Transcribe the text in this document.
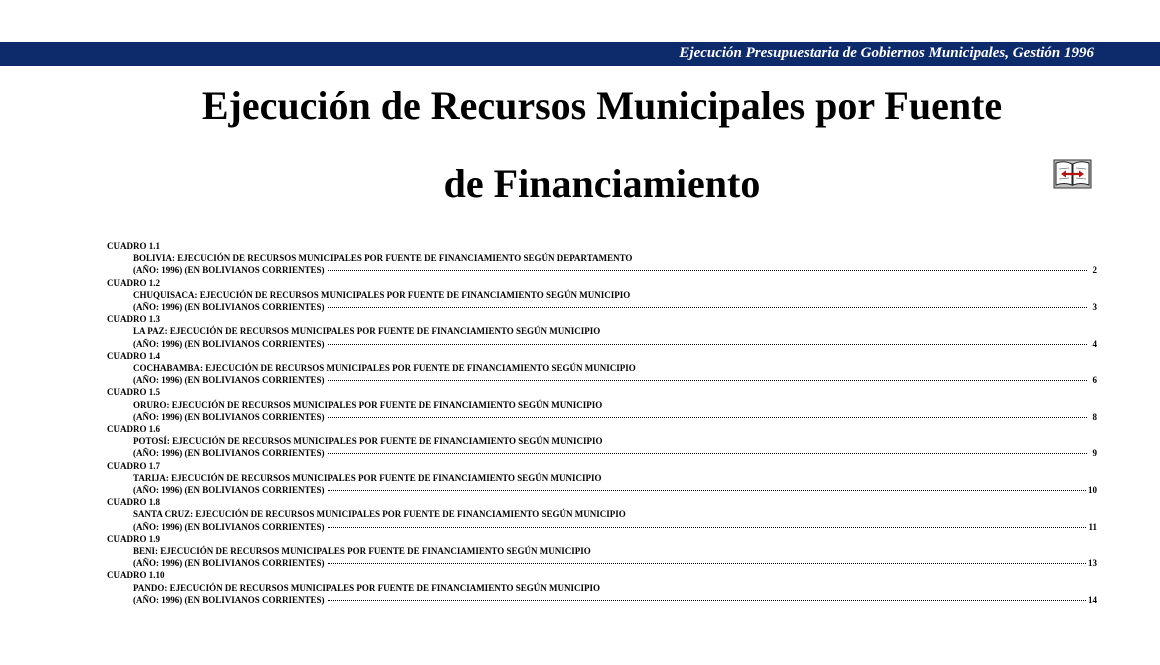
Ejecución Presupuestaria de Gobiernos Municipales, Gestión 1996
Ejecución de Recursos Municipales por Fuente
de Financiamiento
CUADRO 1.1
BOLIVIA: EJECUCIÓN DE RECURSOS MUNICIPALES POR FUENTE DE FINANCIAMIENTO SEGÚN DEPARTAMENTO
(AÑO: 1996) (EN BOLIVIANOS CORRIENTES)	2
CUADRO 1.2
CHUQUISACA: EJECUCIÓN DE RECURSOS MUNICIPALES POR FUENTE DE FINANCIAMIENTO SEGÚN MUNICIPIO
(AÑO: 1996) (EN BOLIVIANOS CORRIENTES)	3
CUADRO 1.3
LA PAZ: EJECUCIÓN DE RECURSOS MUNICIPALES POR FUENTE DE FINANCIAMIENTO SEGÚN MUNICIPIO
(AÑO: 1996) (EN BOLIVIANOS CORRIENTES)	4
CUADRO 1.4
COCHABAMBA: EJECUCIÓN DE RECURSOS MUNICIPALES POR FUENTE DE FINANCIAMIENTO SEGÚN MUNICIPIO
(AÑO: 1996) (EN BOLIVIANOS CORRIENTES)	6
CUADRO 1.5
ORURO: EJECUCIÓN DE RECURSOS MUNICIPALES POR FUENTE DE FINANCIAMIENTO SEGÚN MUNICIPIO
(AÑO: 1996) (EN BOLIVIANOS CORRIENTES)	8
CUADRO 1.6
POTOSÍ: EJECUCIÓN DE RECURSOS MUNICIPALES POR FUENTE DE FINANCIAMIENTO SEGÚN MUNICIPIO
(AÑO: 1996) (EN BOLIVIANOS CORRIENTES)	9
CUADRO 1.7
TARIJA: EJECUCIÓN DE RECURSOS MUNICIPALES POR FUENTE DE FINANCIAMIENTO SEGÚN MUNICIPIO
(AÑO: 1996) (EN BOLIVIANOS CORRIENTES)	10
CUADRO 1.8
SANTA CRUZ: EJECUCIÓN DE RECURSOS MUNICIPALES POR FUENTE DE FINANCIAMIENTO SEGÚN MUNICIPIO
(AÑO: 1996) (EN BOLIVIANOS CORRIENTES)	11
CUADRO 1.9
BENI: EJECUCIÓN DE RECURSOS MUNICIPALES POR FUENTE DE FINANCIAMIENTO SEGÚN MUNICIPIO
(AÑO: 1996) (EN BOLIVIANOS CORRIENTES)	13
CUADRO 1.10
PANDO: EJECUCIÓN DE RECURSOS MUNICIPALES POR FUENTE DE FINANCIAMIENTO SEGÚN MUNICIPIO
(AÑO: 1996) (EN BOLIVIANOS CORRIENTES)	14
